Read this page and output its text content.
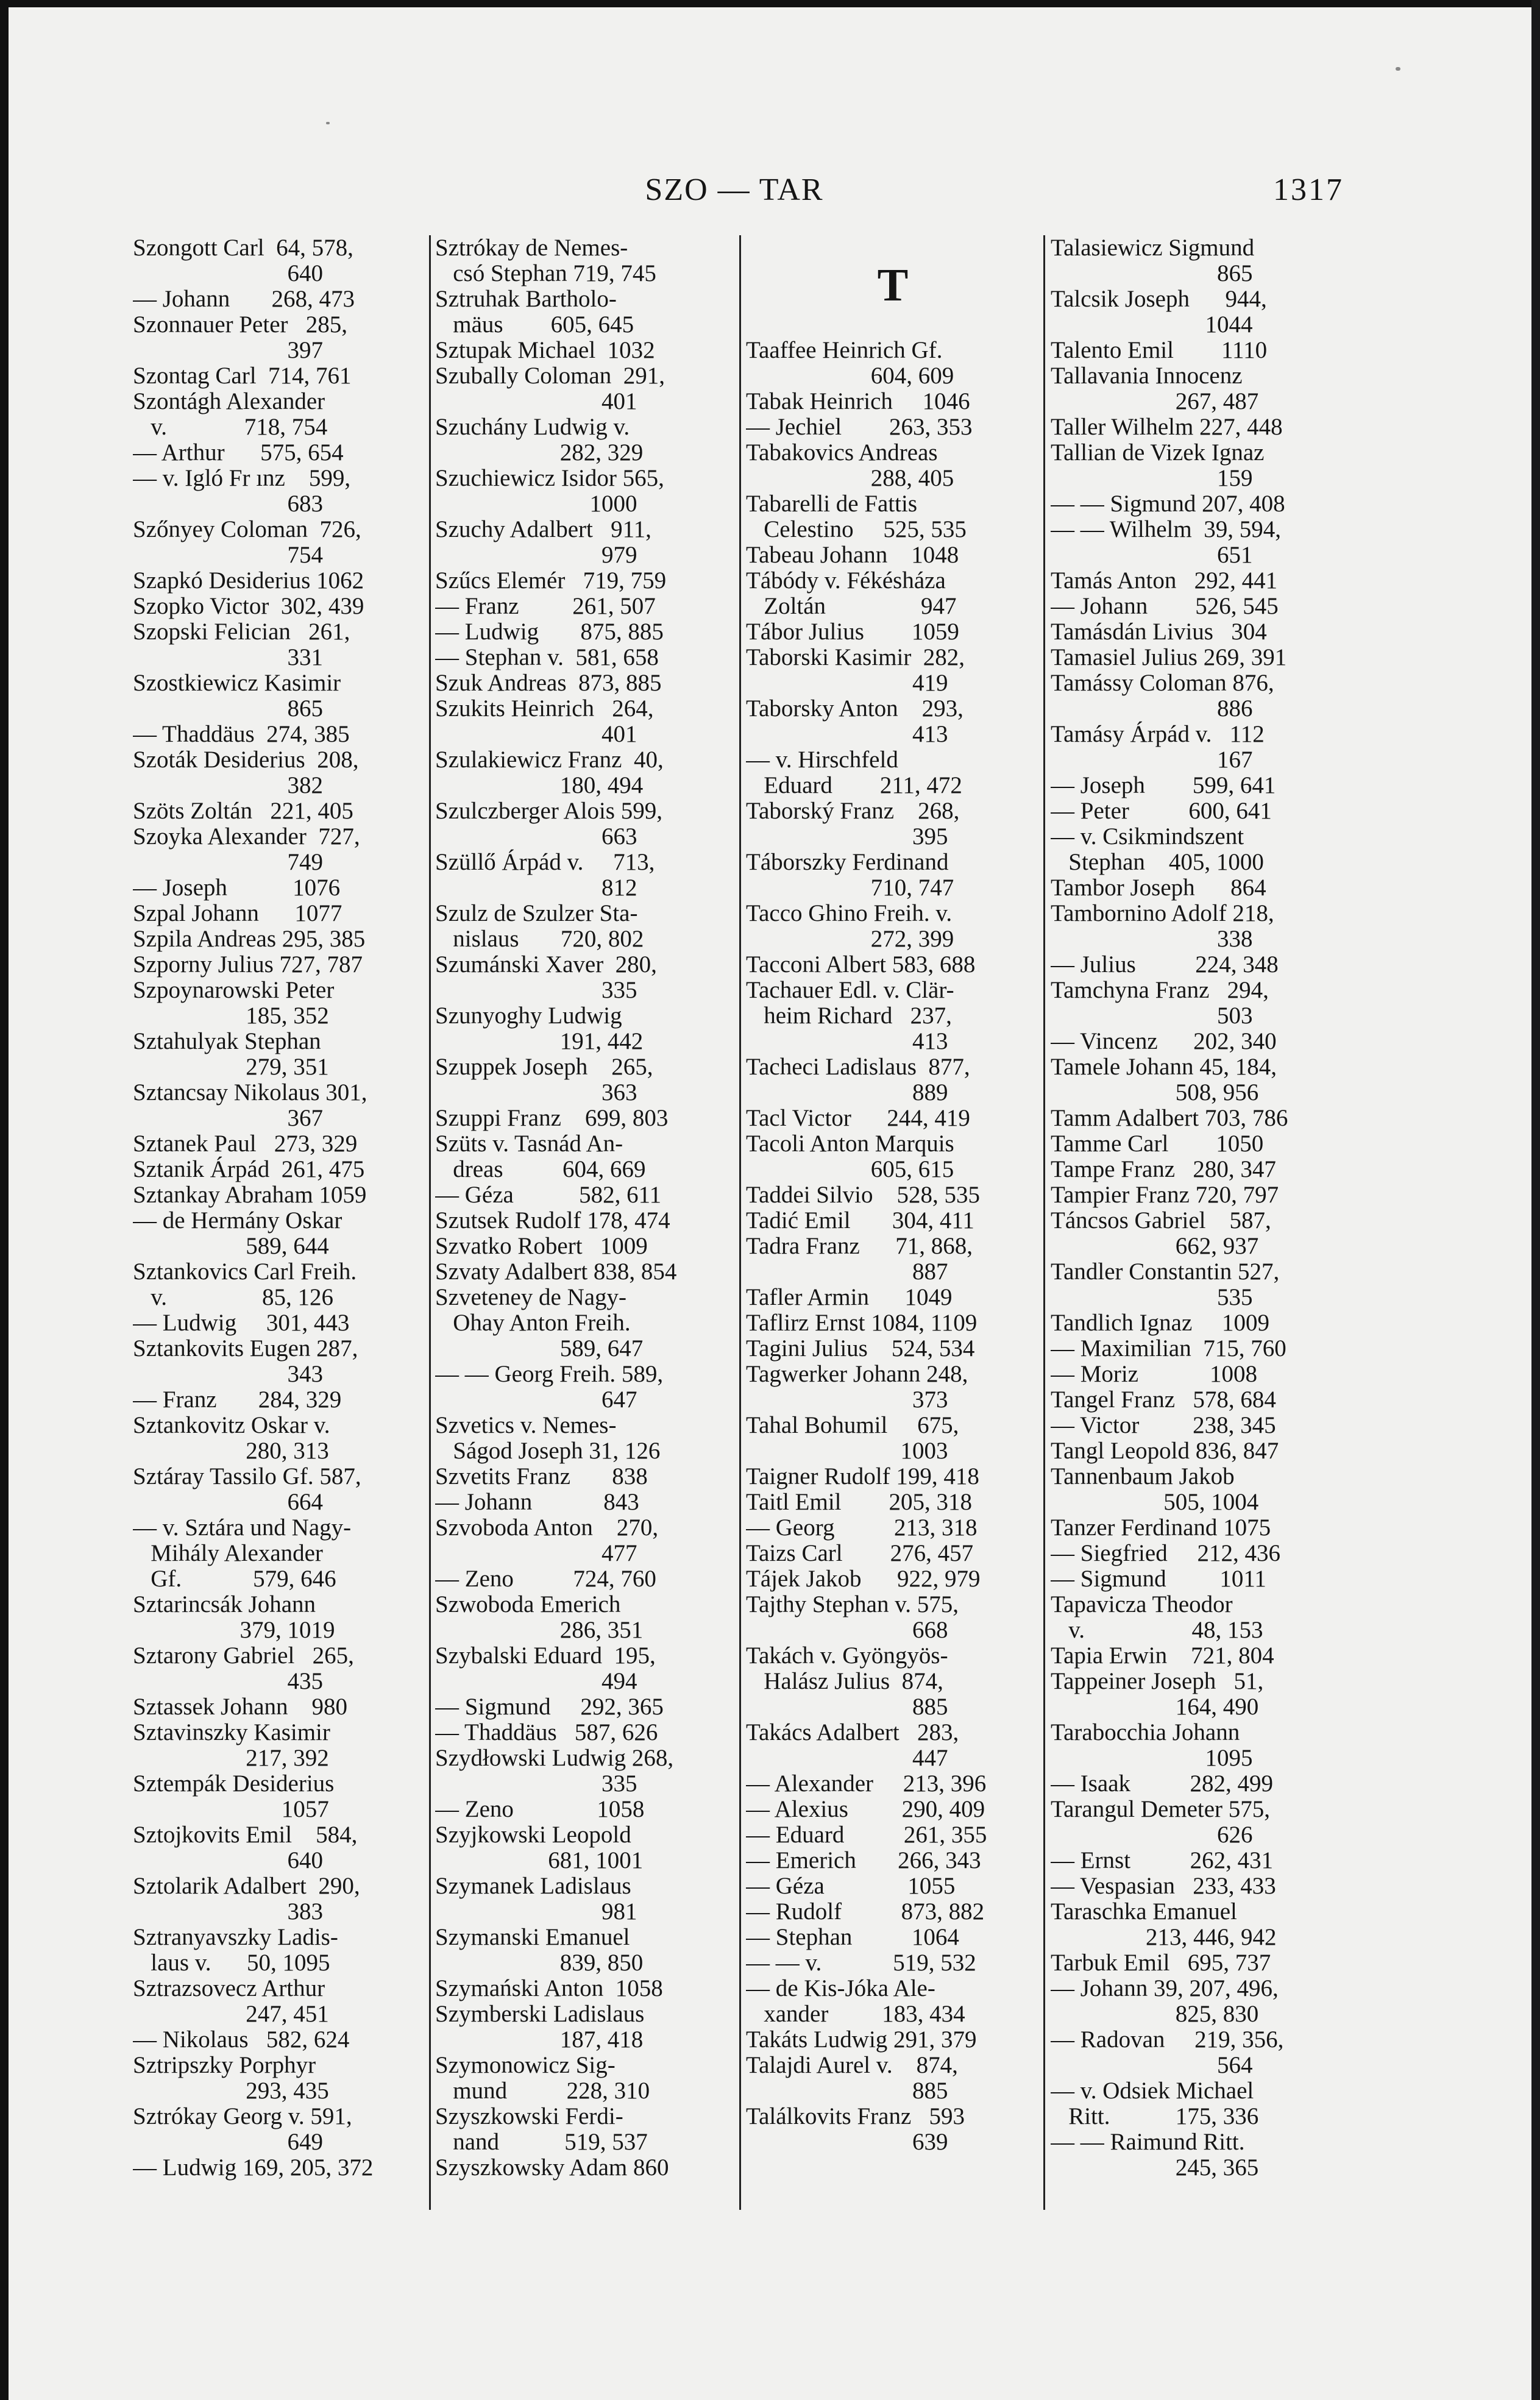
SZO — TAR	1317
Szongott Carl  64, 578,
640
— Johann       268, 473
Szonnauer Peter   285,
397
Szontag Carl  714, 761
Szontágh Alexander
v.             718, 754
— Arthur      575, 654
— v. Igló Fr ınz    599,
683
Szőnyey Coloman  726,
754
Szapkó Desiderius 1062
Szopko Victor  302, 439
Szopski Felician   261,
331
Szostkiewicz Kasimir
865
— Thaddäus  274, 385
Szoták Desiderius  208,
382
Szöts Zoltán   221, 405
Szoyka Alexander  727,
749
— Joseph           1076
Szpal Johann      1077
Szpila Andreas 295, 385
Szporny Julius 727, 787
Szpoynarowski Peter
185, 352
Sztahulyak Stephan
279, 351
Sztancsay Nikolaus 301,
367
Sztanek Paul   273, 329
Sztanik Árpád  261, 475
Sztankay Abraham 1059
— de Hermány Oskar
589, 644
Sztankovics Carl Freih.
v.                85, 126
— Ludwig     301, 443
Sztankovits Eugen 287,
343
— Franz       284, 329
Sztankovitz Oskar v.
280, 313
Sztáray Tassilo Gf. 587,
664
— v. Sztára und Nagy-
Mihály Alexander
Gf.            579, 646
Sztarincsák Johann
379, 1019
Sztarony Gabriel   265,
435
Sztassek Johann    980
Sztavinszky Kasimir
217, 392
Sztempák Desiderius
1057
Sztojkovits Emil    584,
640
Sztolarik Adalbert  290,
383
Sztranyavszky Ladis-
laus v.      50, 1095
Sztrazsovecz Arthur
247, 451
— Nikolaus   582, 624
Sztripszky Porphyr
293, 435
Sztrókay Georg v. 591,
649
— Ludwig 169, 205, 372
Sztrókay de Nemes-
csó Stephan 719, 745
Sztruhak Bartholo-
mäus        605, 645
Sztupak Michael  1032
Szubally Coloman  291,
401
Szuchány Ludwig v.
282, 329
Szuchiewicz Isidor 565,
1000
Szuchy Adalbert   911,
979
Szűcs Elemér   719, 759
— Franz         261, 507
— Ludwig       875, 885
— Stephan v.  581, 658
Szuk Andreas  873, 885
Szukits Heinrich   264,
401
Szulakiewicz Franz  40,
180, 494
Szulczberger Alois 599,
663
Szüllő Árpád v.     713,
812
Szulz de Szulzer Sta-
nislaus       720, 802
Szumánski Xaver  280,
335
Szunyoghy Ludwig
191, 442
Szuppek Joseph    265,
363
Szuppi Franz    699, 803
Szüts v. Tasnád An-
dreas          604, 669
— Géza           582, 611
Szutsek Rudolf 178, 474
Szvatko Robert   1009
Szvaty Adalbert 838, 854
Szveteney de Nagy-
Ohay Anton Freih.
589, 647
— — Georg Freih. 589,
647
Szvetics v. Nemes-
Ságod Joseph 31, 126
Szvetits Franz       838
— Johann            843
Szvoboda Anton    270,
477
— Zeno          724, 760
Szwoboda Emerich
286, 351
Szybalski Eduard  195,
494
— Sigmund     292, 365
— Thaddäus   587, 626
Szydłowski Ludwig 268,
335
— Zeno              1058
Szyjkowski Leopold
681, 1001
Szymanek Ladislaus
981
Szymanski Emanuel
839, 850
Szymański Anton  1058
Szymberski Ladislaus
187, 418
Szymonowicz Sig-
mund          228, 310
Szyszkowski Ferdi-
nand           519, 537
Szyszkowsky Adam 860
T
Taaffee Heinrich Gf.
604, 609
Tabak Heinrich     1046
— Jechiel        263, 353
Tabakovics Andreas
288, 405
Tabarelli de Fattis
Celestino     525, 535
Tabeau Johann    1048
Tábódy v. Fékésháza
Zoltán                947
Tábor Julius        1059
Taborski Kasimir  282,
419
Taborsky Anton    293,
413
— v. Hirschfeld
Eduard        211, 472
Taborský Franz    268,
395
Táborszky Ferdinand
710, 747
Tacco Ghino Freih. v.
272, 399
Tacconi Albert 583, 688
Tachauer Edl. v. Clär-
heim Richard   237,
413
Tacheci Ladislaus  877,
889
Tacl Victor      244, 419
Tacoli Anton Marquis
605, 615
Taddei Silvio    528, 535
Tadić Emil       304, 411
Tadra Franz      71, 868,
887
Tafler Armin      1049
Taflirz Ernst 1084, 1109
Tagini Julius    524, 534
Tagwerker Johann 248,
373
Tahal Bohumil     675,
1003
Taigner Rudolf 199, 418
Taitl Emil        205, 318
— Georg          213, 318
Taizs Carl        276, 457
Tájek Jakob      922, 979
Tajthy Stephan v. 575,
668
Takách v. Gyöngyös-
Halász Julius  874,
885
Takács Adalbert   283,
447
— Alexander     213, 396
— Alexius         290, 409
— Eduard          261, 355
— Emerich       266, 343
— Géza              1055
— Rudolf          873, 882
— Stephan          1064
— — v.            519, 532
— de Kis-Jóka Ale-
xander         183, 434
Takáts Ludwig 291, 379
Talajdi Aurel v.    874,
885
Találkovits Franz   593
639
Talasiewicz Sigmund
865
Talcsik Joseph      944,
1044
Talento Emil        1110
Tallavania Innocenz
267, 487
Taller Wilhelm 227, 448
Tallian de Vizek Ignaz
159
— — Sigmund 207, 408
— — Wilhelm  39, 594,
651
Tamás Anton   292, 441
— Johann        526, 545
Tamásdán Livius   304
Tamasiel Julius 269, 391
Tamássy Coloman 876,
886
Tamásy Árpád v.   112
167
— Joseph        599, 641
— Peter          600, 641
— v. Csikmindszent
Stephan    405, 1000
Tambor Joseph      864
Tambornino Adolf 218,
338
— Julius          224, 348
Tamchyna Franz   294,
503
— Vincenz      202, 340
Tamele Johann 45, 184,
508, 956
Tamm Adalbert 703, 786
Tamme Carl        1050
Tampe Franz   280, 347
Tampier Franz 720, 797
Táncsos Gabriel    587,
662, 937
Tandler Constantin 527,
535
Tandlich Ignaz     1009
— Maximilian  715, 760
— Moriz            1008
Tangel Franz   578, 684
— Victor         238, 345
Tangl Leopold 836, 847
Tannenbaum Jakob
505, 1004
Tanzer Ferdinand 1075
— Siegfried     212, 436
— Sigmund         1011
Tapavicza Theodor
v.                  48, 153
Tapia Erwin    721, 804
Tappeiner Joseph   51,
164, 490
Tarabocchia Johann
1095
— Isaak          282, 499
Tarangul Demeter 575,
626
— Ernst          262, 431
— Vespasian   233, 433
Taraschka Emanuel
213, 446, 942
Tarbuk Emil   695, 737
— Johann 39, 207, 496,
825, 830
— Radovan     219, 356,
564
— v. Odsiek Michael
Ritt.           175, 336
— — Raimund Ritt.
245, 365
